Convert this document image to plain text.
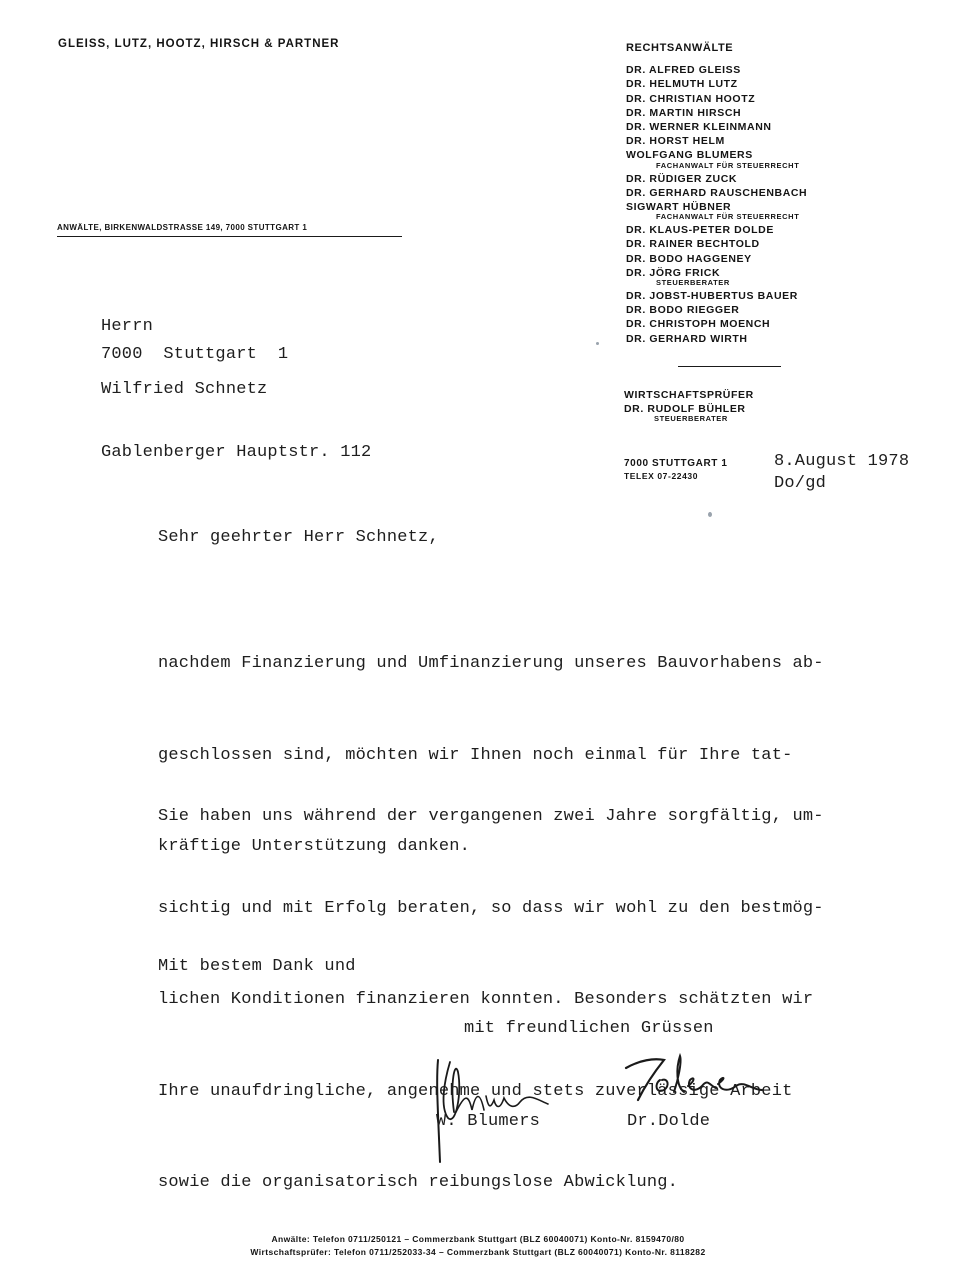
GLEISS, LUTZ, HOOTZ, HIRSCH & PARTNER
ANWÄLTE, BIRKENWALDSTRASSE 149, 7000 STUTTGART 1
RECHTSANWÄLTE
DR. ALFRED GLEISS
DR. HELMUTH LUTZ
DR. CHRISTIAN HOOTZ
DR. MARTIN HIRSCH
DR. WERNER KLEINMANN
DR. HORST HELM
WOLFGANG BLUMERS
FACHANWALT FÜR STEUERRECHT
DR. RÜDIGER ZUCK
DR. GERHARD RAUSCHENBACH
SIGWART HÜBNER
FACHANWALT FÜR STEUERRECHT
DR. KLAUS-PETER DOLDE
DR. RAINER BECHTOLD
DR. BODO HAGGENEY
DR. JÖRG FRICK
STEUERBERATER
DR. JOBST-HUBERTUS BAUER
DR. BODO RIEGGER
DR. CHRISTOPH MOENCH
DR. GERHARD WIRTH
WIRTSCHAFTSPRÜFER
DR. RUDOLF BÜHLER
STEUERBERATER
7000 STUTTGART 1
TELEX 07-22430
8.August 1978
Do/gd

Herrn

Wilfried Schnetz

Gablenberger Hauptstr. 112

7000  Stuttgart  1
Sehr geehrter Herr Schnetz,

nachdem Finanzierung und Umfinanzierung unseres Bauvorhabens ab-

geschlossen sind, möchten wir Ihnen noch einmal für Ihre tat-

kräftige Unterstützung danken.

Sie haben uns während der vergangenen zwei Jahre sorgfältig, um-

sichtig und mit Erfolg beraten, so dass wir wohl zu den bestmög-

lichen Konditionen finanzieren konnten. Besonders schätzten wir

Ihre unaufdringliche, angenehme und stets zuverlässige Arbeit

sowie die organisatorisch reibungslose Abwicklung.

Mit bestem Dank und
mit freundlichen Grüssen
W. Blumers	Dr.Dolde
Anwälte: Telefon 0711/250121 – Commerzbank Stuttgart (BLZ 60040071) Konto-Nr. 8159470/80
Wirtschaftsprüfer: Telefon 0711/252033-34 – Commerzbank Stuttgart (BLZ 60040071) Konto-Nr. 8118282
